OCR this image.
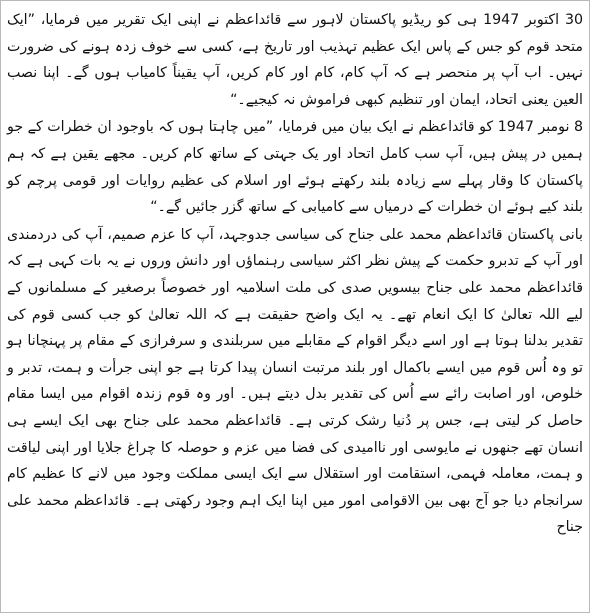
30 اکتوبر 1947 ہی کو ریڈیو پاکستان لاہور سے قائداعظم نے اپنی ایک تقریر میں فرمایا، ”ایک متحد قوم کو جس کے پاس ایک عظیم تہذیب اور تاریخ ہے، کسی سے خوف زدہ ہونے کی ضرورت نہیں۔ اب آپ پر منحصر ہے کہ آپ کام، کام اور کام کریں، آپ یقیناً کامیاب ہوں گے۔ اپنا نصب العین یعنی اتحاد، ایمان اور تنظیم کبھی فراموش نہ کیجیے۔“

8 نومبر 1947 کو قائداعظم نے ایک بیان میں فرمایا، ”میں چاہتا ہوں کہ باوجود ان خطرات کے جو ہمیں در پیش ہیں، آپ سب کامل اتحاد اور یک جہتی کے ساتھ کام کریں۔ مجھے یقین ہے کہ ہم پاکستان کا وقار پہلے سے زیادہ بلند رکھتے ہوئے اور اسلام کی عظیم روایات اور قومی پرچم کو بلند کیے ہوئے ان خطرات کے درمیاں سے کامیابی کے ساتھ گزر جائیں گے۔“

بانی پاکستان قائداعظم محمد علی جناح کی سیاسی جدوجہد، آپ کا عزم صمیم، آپ کی دردمندی اور آپ کے تدبرو حکمت کے پیش نظر اکثر سیاسی رہنماؤں اور دانش وروں نے یہ بات کہی ہے کہ قائداعظم محمد علی جناح بیسویں صدی کی ملت اسلامیہ اور خصوصاً برصغیر کے مسلمانوں کے لیے اللہ تعالیٰ کا ایک انعام تھے۔ یہ ایک واضح حقیقت ہے کہ اللہ تعالیٰ کو جب کسی قوم کی تقدیر بدلنا ہوتا ہے اور اسے دیگر اقوام کے مقابلے میں سربلندی و سرفرازی کے مقام پر پہنچانا ہو تو وہ اُس قوم میں ایسے باکمال اور بلند مرتبت انسان پیدا کرتا ہے جو اپنی جرأت و ہمت، تدبر و خلوص، اور اصابت رائے سے اُس کی تقدیر بدل دیتے ہیں۔ اور وہ قوم زندہ اقوام میں ایسا مقام حاصل کر لیتی ہے، جس پر دُنیا رشک کرتی ہے۔ قائداعظم محمد علی جناح بھی ایک ایسے ہی انسان تھے جنھوں نے مایوسی اور ناامیدی کی فضا میں عزم و حوصلہ کا چراغ جلایا اور اپنی لیاقت و ہمت، معاملہ فہمی، استقامت اور استقلال سے ایک ایسی مملکت وجود میں لانے کا عظیم کام سرانجام دیا جو آج بھی بین الاقوامی امور میں اپنا ایک اہم وجود رکھتی ہے۔ قائداعظم محمد علی جناح
